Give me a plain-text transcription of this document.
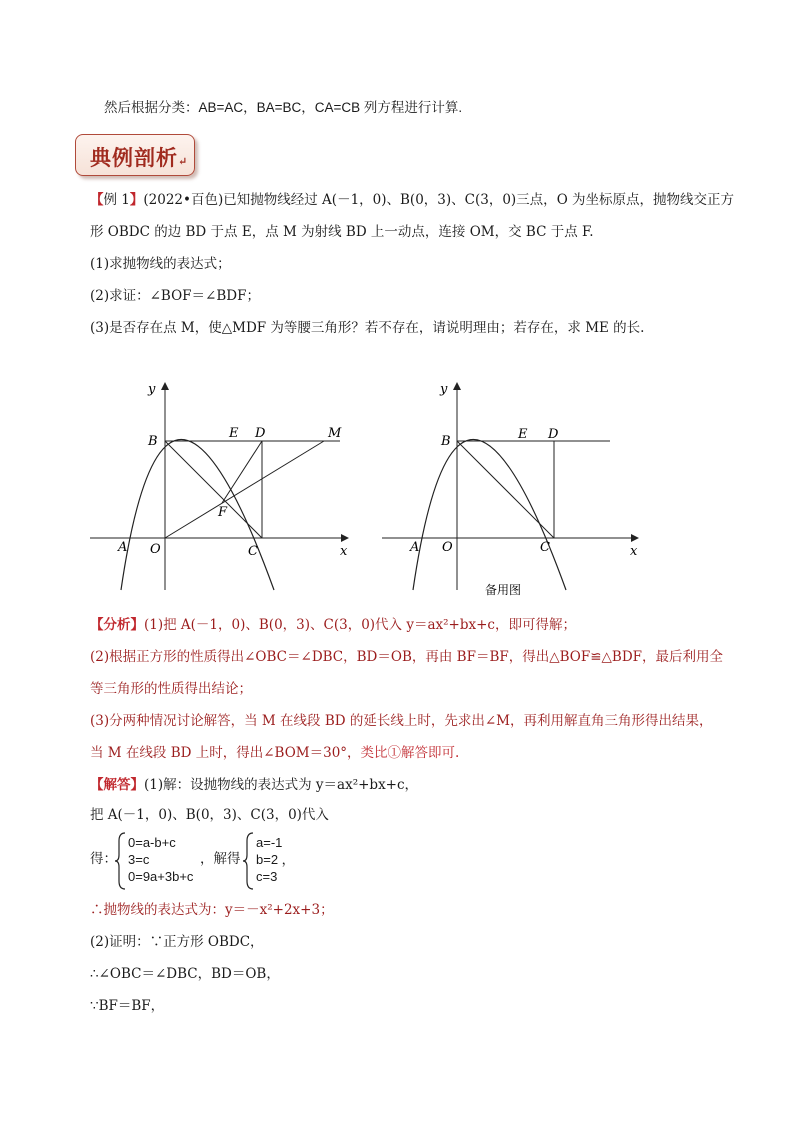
然后根据分类：AB=AC，BA=BC，CA=CB 列方程进行计算.
典例剖析↵
【例 1】(2022•百色)已知抛物线经过 A(－1，0)、B(0，3)、C(3，0)三点，O 为坐标原点，抛物线交正方
形 OBDC 的边 BD 于点 E，点 M 为射线 BD 上一动点，连接 OM，交 BC 于点 F.
(1)求抛物线的表达式；
(2)求证：∠BOF＝∠BDF；
(3)是否存在点 M，使△MDF 为等腰三角形？若不存在，请说明理由；若存在，求 ME 的长.
y
x
A O
B
C
D
E
F
M
y
x
A O
B
C
D
E
备用图
【分析】(1)把 A(－1，0)、B(0，3)、C(3，0)代入 y＝ax²+bx+c，即可得解；
(2)根据正方形的性质得出∠OBC＝∠DBC，BD＝OB，再由 BF＝BF，得出△BOF≌△BDF，最后利用全
等三角形的性质得出结论；
(3)分两种情况讨论解答，当 M 在线段 BD 的延长线上时，先求出∠M，再利用解直角三角形得出结果，
当 M 在线段 BD 上时，得出∠BOM＝30°，类比①解答即可.
【解答】(1)解：设抛物线的表达式为 y＝ax²+bx+c，
把 A(－1，0)、B(0，3)、C(3，0)代入
得：
0=a-b+c
3=c
0=9a+3b+c
，解得
a=-1
b=2 ，
c=3
∴抛物线的表达式为：y＝－x²+2x+3；
(2)证明：∵正方形 OBDC，
∴∠OBC＝∠DBC，BD＝OB，
∵BF＝BF，
